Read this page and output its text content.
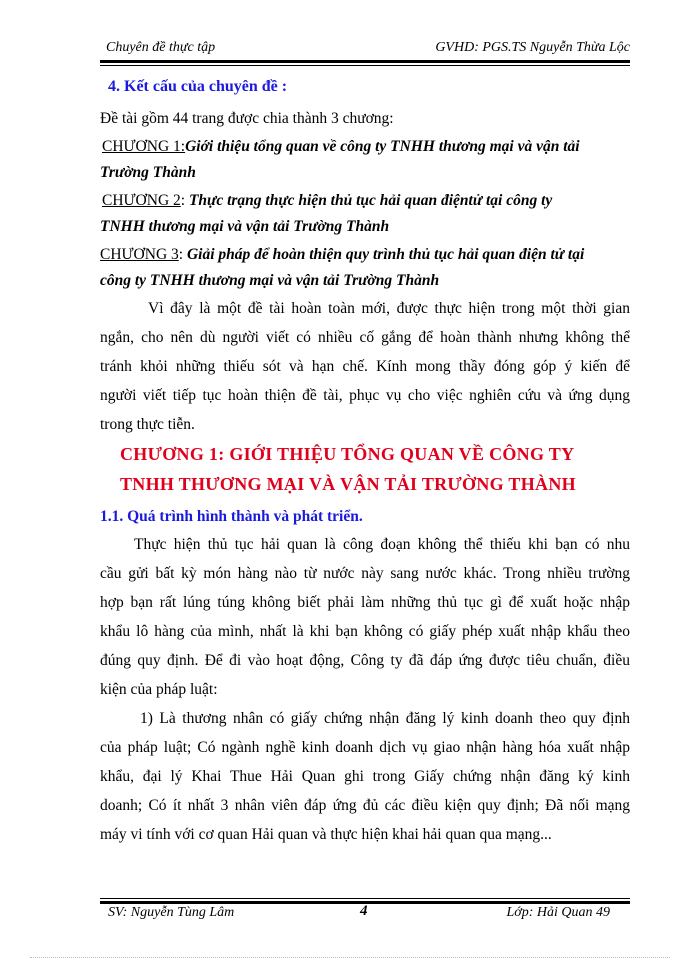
Chuyên đề thực tập	GVHD: PGS.TS Nguyễn Thừa Lộc
4. Kết cấu của chuyên đề :
Đề tài gồm 44 trang được chia thành 3 chương:
CHƯƠNG 1:Giới thiệu tổng quan về công ty TNHH thương mại và vận tải
Trường Thành
CHƯƠNG 2: Thực trạng thực hiện thủ tục hải quan điệntử tại công ty
TNHH thương mại và vận tải Trường Thành
CHƯƠNG 3: Giải pháp để hoàn thiện quy trình thủ tục hải quan điện tử tại
công ty TNHH thương mại và vận tải Trường Thành
Vì đây là một đề tài hoàn toàn mới, được thực hiện trong một thời gian
ngắn, cho nên dù người viết có nhiều cố gắng để hoàn thành nhưng không thể
tránh khỏi những thiếu sót và hạn chế. Kính mong thầy đóng góp ý kiến để
người viết tiếp tục hoàn thiện đề tài, phục vụ cho việc nghiên cứu và ứng dụng
trong thực tiễn.
CHƯƠNG 1: GIỚI THIỆU TỔNG QUAN VỀ CÔNG TY
TNHH THƯƠNG MẠI VÀ VẬN TẢI TRƯỜNG THÀNH
1.1. Quá trình hình thành và phát triển.
Thực hiện thủ tục hải quan là công đoạn không thể thiếu khi bạn có nhu
cầu gửi bất kỳ món hàng nào từ nước này sang nước khác. Trong nhiều trường
hợp bạn rất lúng túng không biết phải làm những thủ tục gì để xuất hoặc nhập
khẩu lô hàng của mình, nhất là khi bạn không có giấy phép xuất nhập khẩu theo
đúng quy định. Để đi vào hoạt động, Công ty đã đáp ứng được tiêu chuẩn, điều
kiện của pháp luật:
1) Là thương nhân có giấy chứng nhận đăng lý kinh doanh theo quy định
của pháp luật; Có ngành nghề kinh doanh dịch vụ giao nhận hàng hóa xuất nhập
khẩu, đại lý Khai Thue Hải Quan ghi trong Giấy chứng nhận đăng ký kinh
doanh; Có ít nhất 3 nhân viên đáp ứng đủ các điều kiện quy định; Đã nối mạng
máy vi tính với cơ quan Hải quan và thực hiện khai hải quan qua mạng...
SV: Nguyễn Tùng Lâm	4	Lớp: Hải Quan 49
